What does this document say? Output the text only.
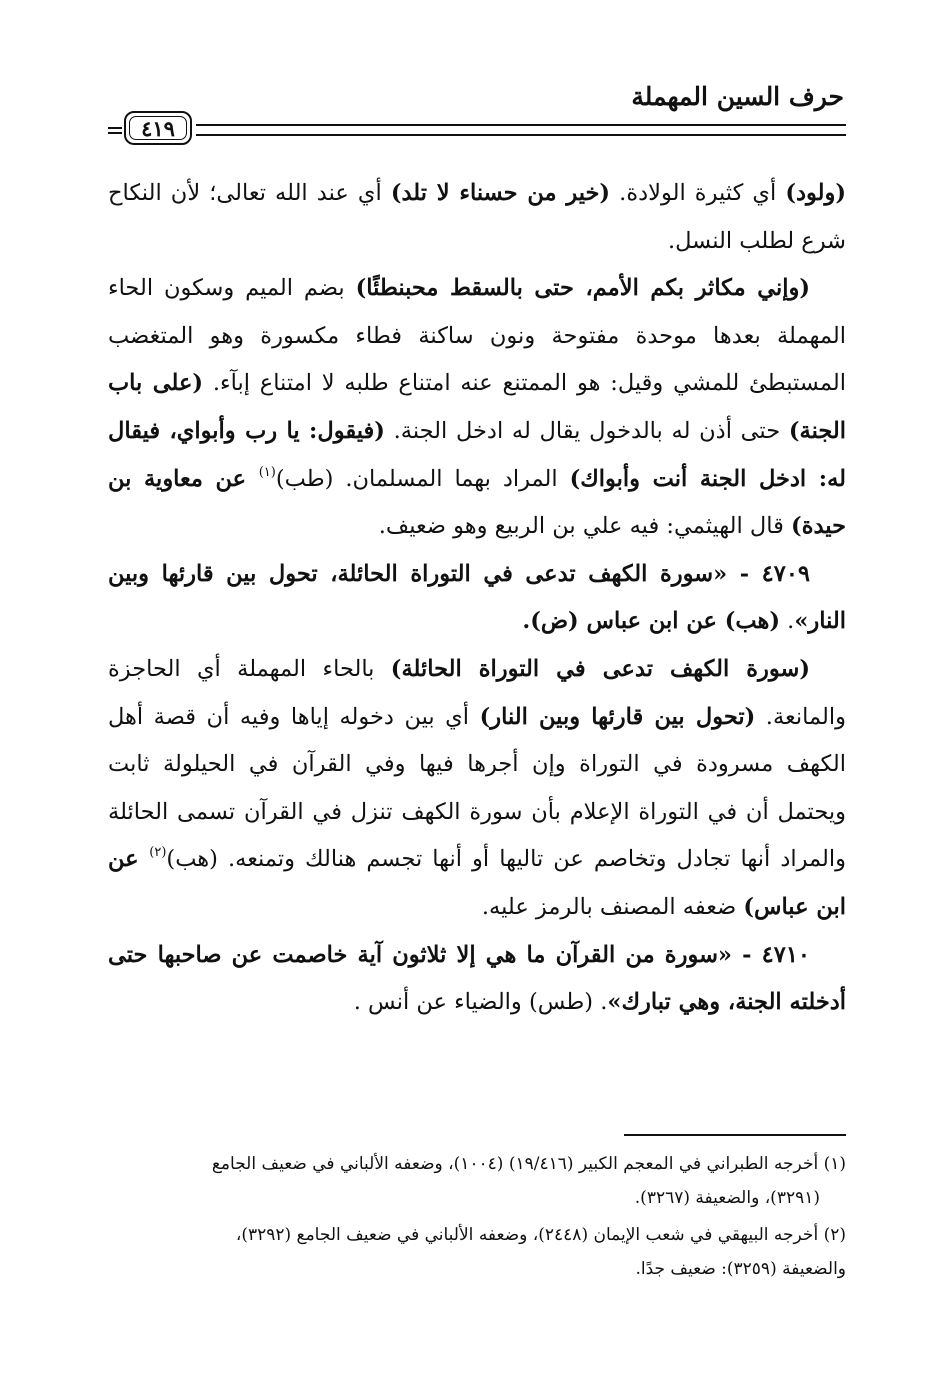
حرف السين المهملة
٤١٩

(ولود) أي كثيرة الولادة. (خير من حسناء لا تلد) أي عند الله تعالى؛ لأن النكاح شرع لطلب النسل.

(وإني مكاثر بكم الأمم، حتى بالسقط محبنطئًا) بضم الميم وسكون الحاء المهملة بعدها موحدة مفتوحة ونون ساكنة فطاء مكسورة وهو المتغضب المستبطئ للمشي وقيل: هو الممتنع عنه امتناع طلبه لا امتناع إبآء. (على باب الجنة) حتى أذن له بالدخول يقال له ادخل الجنة. (فيقول: يا رب وأبواي، فيقال له: ادخل الجنة أنت وأبواك) المراد بهما المسلمان. (طب)$^{(١)}$ عن معاوية بن حيدة) قال الهيثمي: فيه علي بن الربيع وهو ضعيف.

٤٧٠٩ - «سورة الكهف تدعى في التوراة الحائلة، تحول بين قارئها وبين النار». (هب) عن ابن عباس (ض).

(سورة الكهف تدعى في التوراة الحائلة) بالحاء المهملة أي الحاجزة والمانعة. (تحول بين قارئها وبين النار) أي بين دخوله إياها وفيه أن قصة أهل الكهف مسرودة في التوراة وإن أجرها فيها وفي القرآن في الحيلولة ثابت ويحتمل أن في التوراة الإعلام بأن سورة الكهف تنزل في القرآن تسمى الحائلة والمراد أنها تجادل وتخاصم عن تاليها أو أنها تجسم هنالك وتمنعه. (هب)$^{(٢)}$ عن ابن عباس) ضعفه المصنف بالرمز عليه.

٤٧١٠ - «سورة من القرآن ما هي إلا ثلاثون آية خاصمت عن صاحبها حتى أدخلته الجنة، وهي تبارك». (طس) والضياء عن أنس .

(١) أخرجه الطبراني في المعجم الكبير (١٩/٤١٦) (١٠٠٤)، وضعفه الألباني في ضعيف الجامع
(٣٢٩١)، والضعيفة (٣٢٦٧).

(٢) أخرجه البيهقي في شعب الإيمان (٢٤٤٨)، وضعفه الألباني في ضعيف الجامع (٣٢٩٢)،
والضعيفة (٣٢٥٩): ضعيف جدًا.
